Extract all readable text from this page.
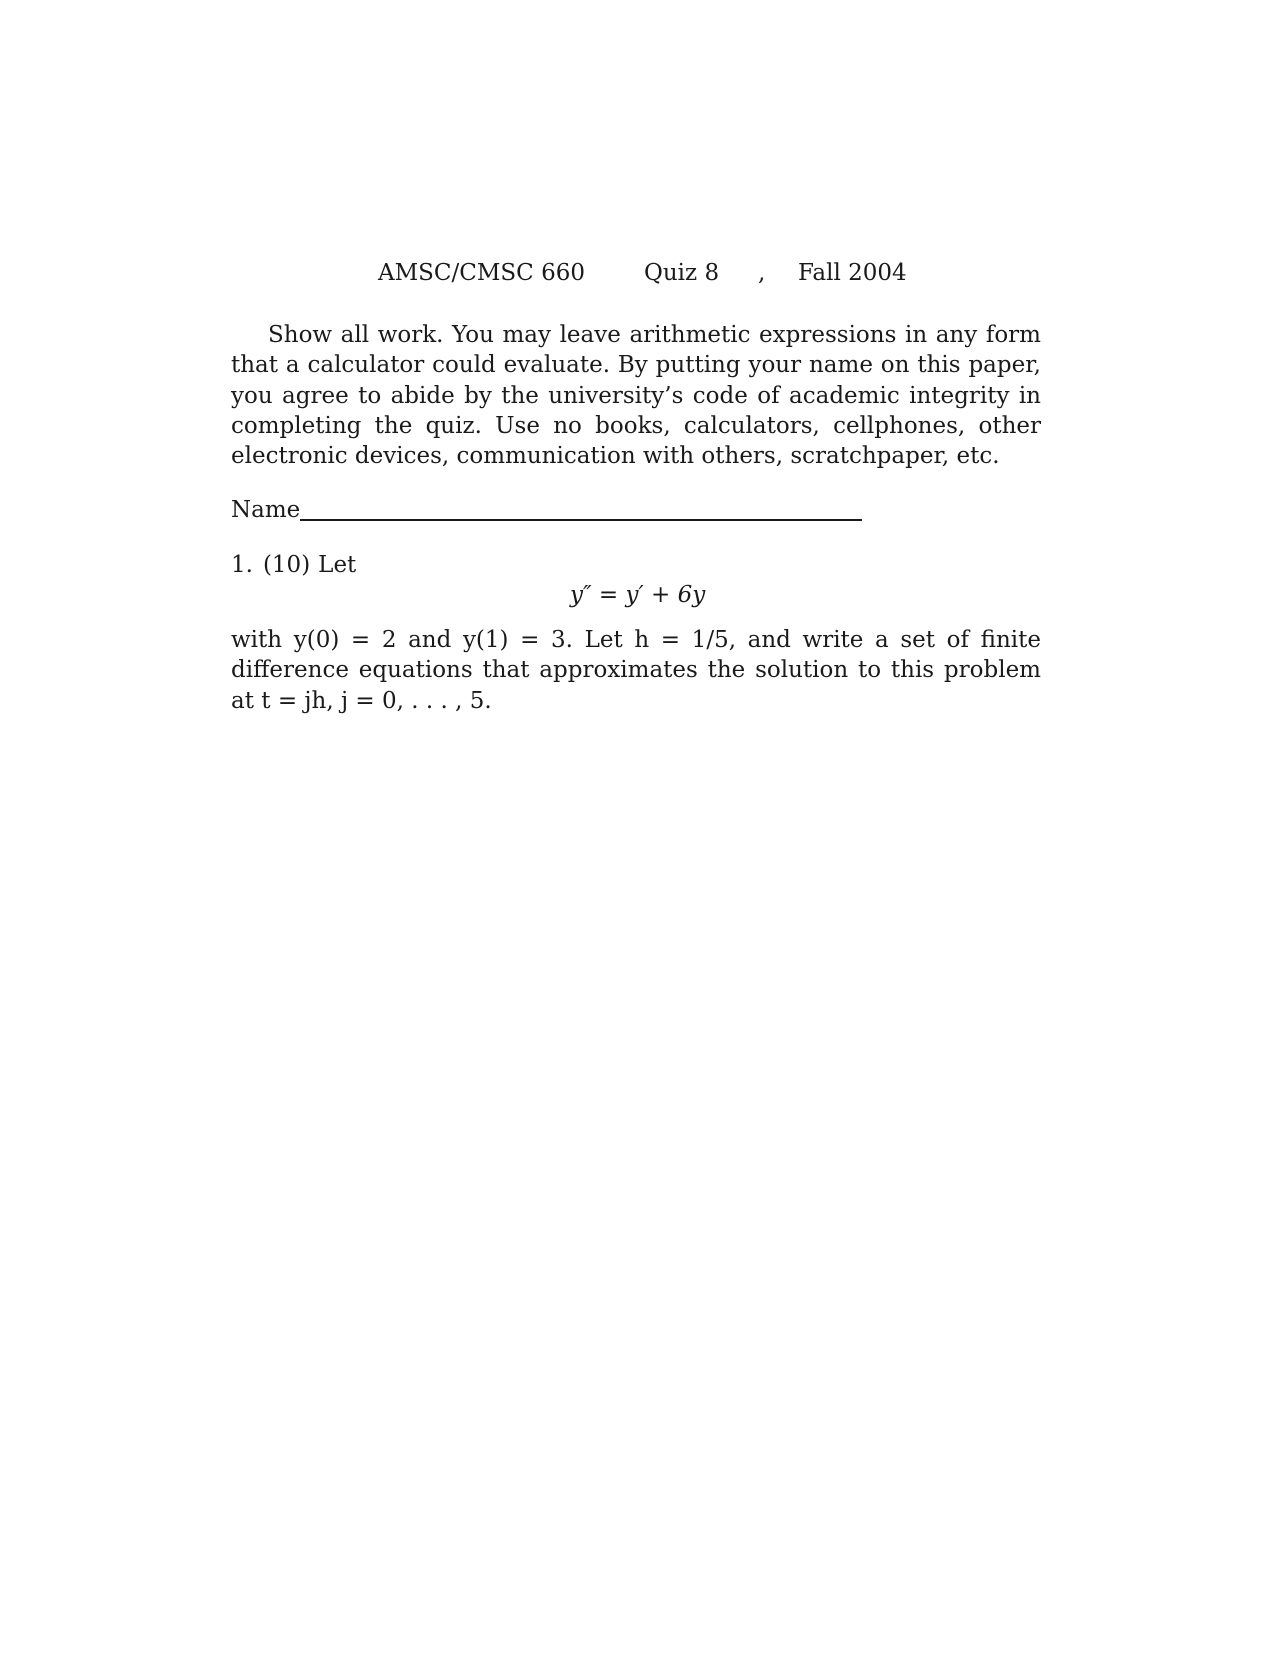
AMSC/CMSC 660	Quiz 8 , Fall 2004

Show all work. You may leave arithmetic expressions in any form that a calculator could evaluate. By putting your name on this paper, you agree to abide by the university’s code of academic integrity in completing the quiz. Use no books, calculators, cellphones, other electronic devices, communication with others, scratchpaper, etc.

Name
1. (10) Let
y″ = y′ + 6y

with y(0) = 2 and y(1) = 3. Let h = 1/5, and write a set of finite difference equations that approximates the solution to this problem at t = jh, j = 0, . . . , 5.
